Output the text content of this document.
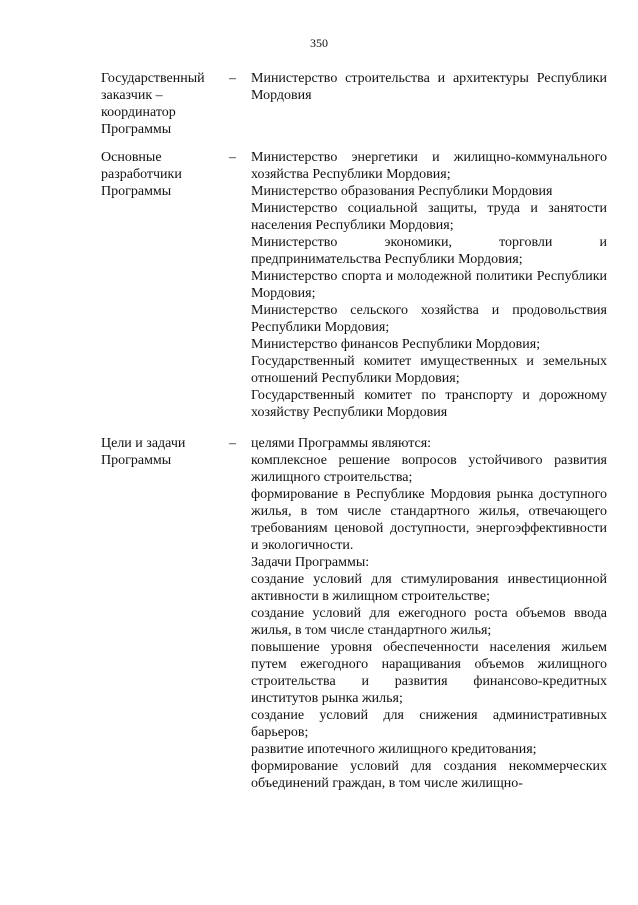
350
Государственный
заказчик –
координатор
Программы
– Министерство строительства и архитектуры Республики Мордовия

Основные
разработчики
Программы
– Министерство энергетики и жилищно-коммунального хозяйства Республики Мордовия;

Министерство образования Республики Мордовия

Министерство социальной защиты, труда и занятости населения Республики Мордовия;

Министерство экономики, торговли и предпринимательства Республики Мордовия;

Министерство спорта и молодежной политики Республики Мордовия;

Министерство сельского хозяйства и продовольствия Республики Мордовия;

Министерство финансов Республики Мордовия;

Государственный комитет имущественных и земельных отношений Республики Мордовия;

Государственный комитет по транспорту и дорожному хозяйству Республики Мордовия

Цели и задачи
Программы
– целями Программы являются:

комплексное решение вопросов устойчивого развития жилищного строительства;

формирование в Республике Мордовия рынка доступного жилья, в том числе стандартного жилья, отвечающего требованиям ценовой доступности, энергоэффективности и экологичности.

Задачи Программы:

создание условий для стимулирования инвестиционной активности в жилищном строительстве;

создание условий для ежегодного роста объемов ввода жилья, в том числе стандартного жилья;

повышение уровня обеспеченности населения жильем путем ежегодного наращивания объемов жилищного строительства и развития финансово-кредитных институтов рынка жилья;

создание условий для снижения административных барьеров;

развитие ипотечного жилищного кредитования;

формирование условий для создания некоммерческих объединений граждан, в том числе жилищно-
